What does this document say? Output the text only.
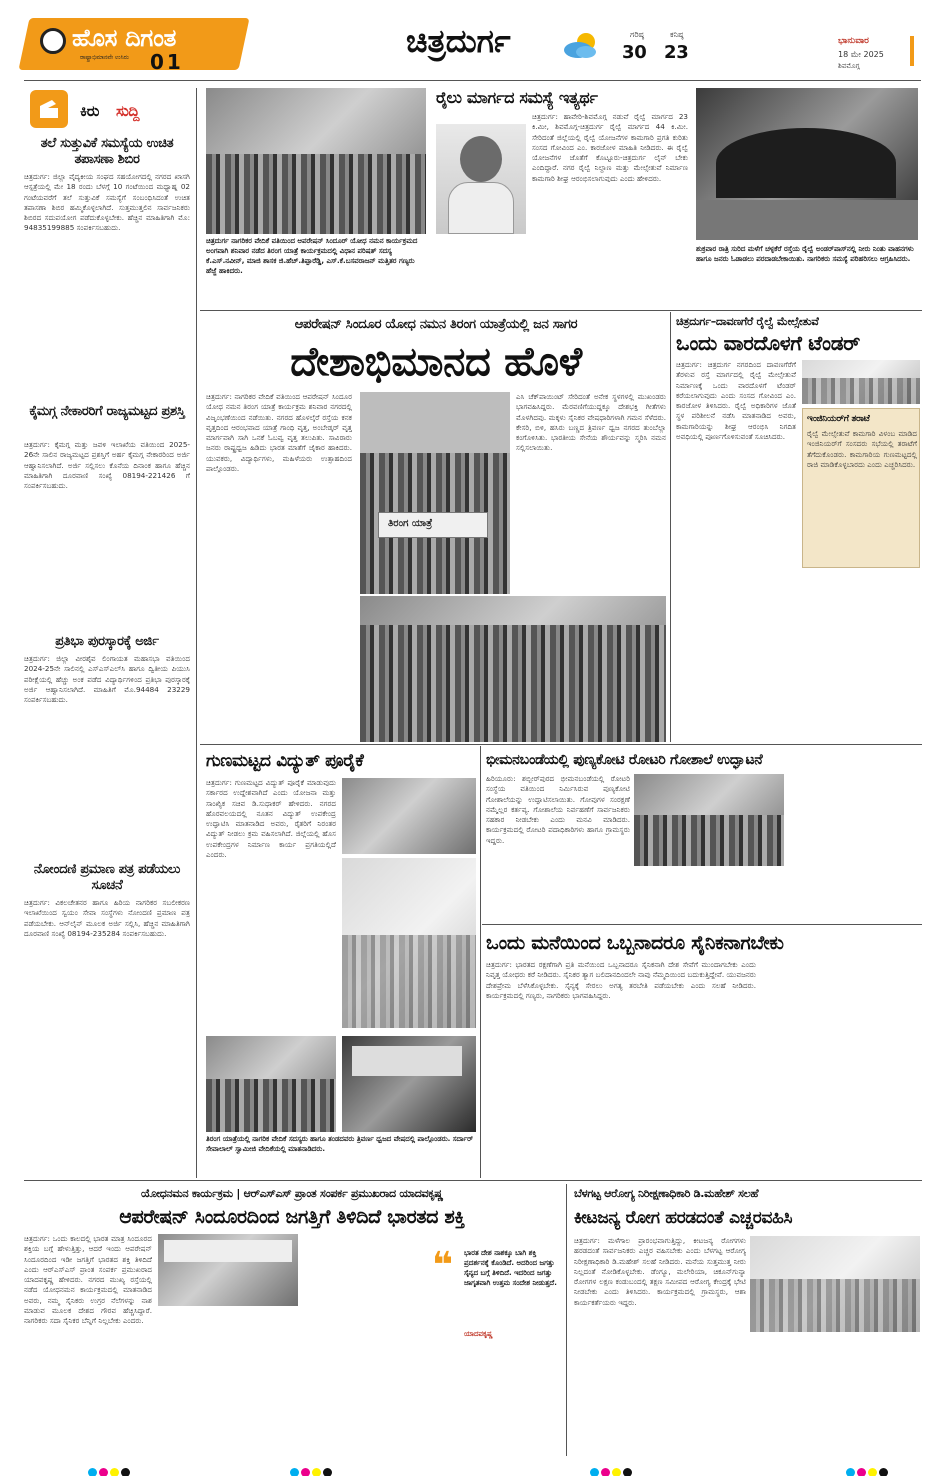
ಹೊಸ ದಿಗಂತ
ರಾಷ್ಟ್ರಾಭಿಮಾನವೇ ಉಸಿರು 01
ಚಿತ್ರದುರ್ಗ	ಗರಿಷ್ಠ
30
ಕನಿಷ್ಠ
23
ಭಾನುವಾರ
18 ಮೇ 2025
ಶಿವಮೊಗ್ಗ
ಕಿರು ಸುದ್ದಿ
ತಲೆ ಸುತ್ತುವಿಕೆ ಸಮಸ್ಯೆಯ ಉಚಿತ ತಪಾಸಣಾ ಶಿಬಿರ
ಚಿತ್ರದುರ್ಗ: ಜಿಲ್ಲಾ ವೈದ್ಯಕೀಯ ಸಂಘದ ಸಹಯೋಗದಲ್ಲಿ ನಗರದ ಖಾಸಗಿ ಆಸ್ಪತ್ರೆಯಲ್ಲಿ ಮೇ 18 ರಂದು ಬೆಳಗ್ಗೆ 10 ಗಂಟೆಯಿಂದ ಮಧ್ಯಾಹ್ನ 02 ಗಂಟೆಯವರೆಗೆ ತಲೆ ಸುತ್ತುವಿಕೆ ಸಮಸ್ಯೆಗೆ ಸಂಬಂಧಿಸಿದಂತೆ ಉಚಿತ ತಪಾಸಣಾ ಶಿಬಿರ ಹಮ್ಮಿಕೊಳ್ಳಲಾಗಿದೆ. ಸುತ್ತಮುತ್ತಲಿನ ಸಾರ್ವಜನಿಕರು ಶಿಬಿರದ ಸದುಪಯೋಗ ಪಡೆದುಕೊಳ್ಳಬೇಕು. ಹೆಚ್ಚಿನ ಮಾಹಿತಿಗಾಗಿ ಮೊ: 94835199885 ಸಂಪರ್ಕಿಸಬಹುದು.
ಕೈಮಗ್ಗ ನೇಕಾರರಿಗೆ ರಾಜ್ಯಮಟ್ಟದ ಪ್ರಶಸ್ತಿ
ಚಿತ್ರದುರ್ಗ: ಕೈಮಗ್ಗ ಮತ್ತು ಜವಳಿ ಇಲಾಖೆಯ ವತಿಯಿಂದ 2025-26ನೇ ಸಾಲಿನ ರಾಜ್ಯಮಟ್ಟದ ಪ್ರಶಸ್ತಿಗೆ ಅರ್ಹ ಕೈಮಗ್ಗ ನೇಕಾರರಿಂದ ಅರ್ಜಿ ಆಹ್ವಾನಿಸಲಾಗಿದೆ. ಅರ್ಜಿ ಸಲ್ಲಿಸಲು ಕೊನೆಯ ದಿನಾಂಕ ಹಾಗೂ ಹೆಚ್ಚಿನ ಮಾಹಿತಿಗಾಗಿ ದೂರವಾಣಿ ಸಂಖ್ಯೆ 08194-221426 ಗೆ ಸಂಪರ್ಕಿಸಬಹುದು.
ಪ್ರತಿಭಾ ಪುರಸ್ಕಾರಕ್ಕೆ ಅರ್ಜಿ
ಚಿತ್ರದುರ್ಗ: ಜಿಲ್ಲಾ ವೀರಶೈವ ಲಿಂಗಾಯತ ಮಹಾಸಭಾ ವತಿಯಿಂದ 2024-25ನೇ ಸಾಲಿನಲ್ಲಿ ಎಸ್ಎಸ್ಎಲ್‌ಸಿ ಹಾಗೂ ದ್ವಿತೀಯ ಪಿಯುಸಿ ಪರೀಕ್ಷೆಯಲ್ಲಿ ಹೆಚ್ಚು ಅಂಕ ಪಡೆದ ವಿದ್ಯಾರ್ಥಿಗಳಿಂದ ಪ್ರತಿಭಾ ಪುರಸ್ಕಾರಕ್ಕೆ ಅರ್ಜಿ ಆಹ್ವಾನಿಸಲಾಗಿದೆ. ಮಾಹಿತಿಗೆ ಮೊ.94484 23229 ಸಂಪರ್ಕಿಸಬಹುದು.
ನೋಂದಣಿ ಪ್ರಮಾಣ ಪತ್ರ ಪಡೆಯಲು ಸೂಚನೆ
ಚಿತ್ರದುರ್ಗ: ವಿಕಲಚೇತನರ ಹಾಗೂ ಹಿರಿಯ ನಾಗರಿಕರ ಸಬಲೀಕರಣ ಇಲಾಖೆಯಿಂದ ಸ್ವಯಂ ಸೇವಾ ಸಂಸ್ಥೆಗಳು ನೋಂದಣಿ ಪ್ರಮಾಣ ಪತ್ರ ಪಡೆಯಬೇಕು. ಆನ್‌ಲೈನ್ ಮೂಲಕ ಅರ್ಜಿ ಸಲ್ಲಿಸಿ, ಹೆಚ್ಚಿನ ಮಾಹಿತಿಗಾಗಿ ದೂರವಾಣಿ ಸಂಖ್ಯೆ 08194-235284 ಸಂಪರ್ಕಿಸಬಹುದು.
ಚಿತ್ರದುರ್ಗ ನಾಗರಿಕರ ವೇದಿಕೆ ವತಿಯಿಂದ ಆಪರೇಷನ್ ಸಿಂದೂರ್ ಯೋಧ ನಮನ ಕಾರ್ಯಕ್ರಮದ ಅಂಗವಾಗಿ ಶನಿವಾರ ನಡೆದ ತಿರಂಗ ಯಾತ್ರೆ ಕಾರ್ಯಕ್ರಮದಲ್ಲಿ ವಿಧಾನ ಪರಿಷತ್ ಸದಸ್ಯ ಕೆ.ಎಸ್.ನವೀನ್, ಮಾಜಿ ಶಾಸಕ ಜಿ.ಹೆಚ್.ತಿಪ್ಪಾರೆಡ್ಡಿ, ಎಸ್.ಕೆ.ಬಸವರಾಜನ್ ಮತ್ತಿತರ ಗಣ್ಯರು ಹೆಜ್ಜೆ ಹಾಕಿದರು.
ರೈಲು ಮಾರ್ಗದ ಸಮಸ್ಯೆ ಇತ್ಯರ್ಥ
ಚಿತ್ರದುರ್ಗ: ಹಾವೇರಿ-ಶಿವಮೊಗ್ಗ ನಡುವೆ ರೈಲ್ವೆ ಮಾರ್ಗದ 23 ಕಿ.ಮೀ, ಶಿವಮೊಗ್ಗ-ಚಿತ್ರದುರ್ಗ ರೈಲ್ವೆ ಮಾರ್ಗದ 44 ಕಿ.ಮೀ. ಸೇರಿದಂತೆ ಜಿಲ್ಲೆಯಲ್ಲಿ ರೈಲ್ವೆ ಯೋಜನೆಗಳ ಕಾಮಗಾರಿ ಪ್ರಗತಿ ಕುರಿತು ಸಂಸದ ಗೋವಿಂದ ಎಂ. ಕಾರಜೋಳ ಮಾಹಿತಿ ನೀಡಿದರು. ಈ ರೈಲ್ವೆ ಯೋಜನೆಗಳ ಜೊತೆಗೆ ಕೊಟ್ಟೂರು-ಚಿತ್ರದುರ್ಗ ಲೈನ್ ಬೇಕು ಎಂದಿದ್ದಾರೆ. ನಗರ ರೈಲ್ವೆ ನಿಲ್ದಾಣ ಮತ್ತು ಮೇಲ್ಸೇತುವೆ ನಿರ್ಮಾಣ ಕಾಮಗಾರಿ ಶೀಘ್ರ ಆರಂಭಿಸಲಾಗುವುದು ಎಂದು ಹೇಳಿದರು.
ಶುಕ್ರವಾರ ರಾತ್ರಿ ಸುರಿದ ಮಳೆಗೆ ಚಳ್ಳಕೆರೆ ರಸ್ತೆಯ ರೈಲ್ವೆ ಅಂಡರ್‌ಪಾಸ್‌ನಲ್ಲಿ ನೀರು ನಿಂತು ವಾಹನಗಳು ಹಾಗೂ ಜನರು ಓಡಾಡಲು ಪರದಾಡಬೇಕಾಯಿತು. ನಾಗರಿಕರು ಸಮಸ್ಯೆ ಪರಿಹರಿಸಲು ಆಗ್ರಹಿಸಿದರು.
ಆಪರೇಷನ್ ಸಿಂದೂರ ಯೋಧ ನಮನ ತಿರಂಗ ಯಾತ್ರೆಯಲ್ಲಿ ಜನ ಸಾಗರ
ದೇಶಾಭಿಮಾನದ ಹೊಳೆ
ಚಿತ್ರದುರ್ಗ: ನಾಗರಿಕರ ವೇದಿಕೆ ವತಿಯಿಂದ ಆಪರೇಷನ್ ಸಿಂದೂರ ಯೋಧ ನಮನ ತಿರಂಗ ಯಾತ್ರೆ ಕಾರ್ಯಕ್ರಮ ಶನಿವಾರ ನಗರದಲ್ಲಿ ವಿಜೃಂಭಣೆಯಿಂದ ನಡೆಯಿತು. ನಗರದ ಹೊಳಲ್ಕೆರೆ ರಸ್ತೆಯ ಕನಕ ವೃತ್ತದಿಂದ ಆರಂಭವಾದ ಯಾತ್ರೆ ಗಾಂಧಿ ವೃತ್ತ, ಅಂಬೇಡ್ಕರ್ ವೃತ್ತ ಮಾರ್ಗವಾಗಿ ಸಾಗಿ ಒನಕೆ ಓಬವ್ವ ವೃತ್ತ ತಲುಪಿತು. ಸಾವಿರಾರು ಜನರು ರಾಷ್ಟ್ರಧ್ವಜ ಹಿಡಿದು ಭಾರತ ಮಾತೆಗೆ ಜೈಕಾರ ಹಾಕಿದರು. ಯುವಕರು, ವಿದ್ಯಾರ್ಥಿಗಳು, ಮಹಿಳೆಯರು ಉತ್ಸಾಹದಿಂದ ಪಾಲ್ಗೊಂಡರು.
ತಿರಂಗ ಯಾತ್ರೆ
ಎಸಿ ಚೆಕ್‌ಪಾಯಿಂಟ್ ಸೇರಿದಂತೆ ಅನೇಕ ಸ್ಥಳಗಳಲ್ಲಿ ಮುಖಂಡರು ಭಾಗವಹಿಸಿದ್ದರು. ಮೆರವಣಿಗೆಯುದ್ದಕ್ಕೂ ದೇಶಭಕ್ತಿ ಗೀತೆಗಳು ಮೊಳಗಿದವು. ಮಕ್ಕಳು ಸೈನಿಕರ ವೇಷಧಾರಿಗಳಾಗಿ ಗಮನ ಸೆಳೆದರು. ಕೇಸರಿ, ಬಿಳಿ, ಹಸಿರು ಬಣ್ಣದ ತ್ರಿವರ್ಣ ಧ್ವಜ ನಗರದ ತುಂಬೆಲ್ಲಾ ಕಂಗೊಳಿಸಿತು. ಭಾರತೀಯ ಸೇನೆಯ ಶೌರ್ಯವನ್ನು ಸ್ಮರಿಸಿ ನಮನ ಸಲ್ಲಿಸಲಾಯಿತು.
ಚಿತ್ರದುರ್ಗ–ದಾವಣಗೆರೆ ರೈಲ್ವೆ ಮೇಲ್ಸೇತುವೆ
ಒಂದು ವಾರದೊಳಗೆ ಟೆಂಡರ್
ಚಿತ್ರದುರ್ಗ: ಚಿತ್ರದುರ್ಗ ನಗರದಿಂದ ದಾವಣಗೆರೆಗೆ ತೆರಳುವ ರಸ್ತೆ ಮಾರ್ಗದಲ್ಲಿ ರೈಲ್ವೆ ಮೇಲ್ಸೇತುವೆ ನಿರ್ಮಾಣಕ್ಕೆ ಒಂದು ವಾರದೊಳಗೆ ಟೆಂಡರ್ ಕರೆಯಲಾಗುವುದು ಎಂದು ಸಂಸದ ಗೋವಿಂದ ಎಂ. ಕಾರಜೋಳ ತಿಳಿಸಿದರು. ರೈಲ್ವೆ ಅಧಿಕಾರಿಗಳ ಜೊತೆ ಸ್ಥಳ ಪರಿಶೀಲನೆ ನಡೆಸಿ ಮಾತನಾಡಿದ ಅವರು, ಕಾಮಗಾರಿಯನ್ನು ಶೀಘ್ರ ಆರಂಭಿಸಿ ನಿಗದಿತ ಅವಧಿಯಲ್ಲಿ ಪೂರ್ಣಗೊಳಿಸುವಂತೆ ಸೂಚಿಸಿದರು.
ಇಂಜಿನಿಯರ್‌ಗೆ ತರಾಟೆ
ರೈಲ್ವೆ ಮೇಲ್ಸೇತುವೆ ಕಾಮಗಾರಿ ವಿಳಂಬ ಮಾಡಿದ ಇಂಜಿನಿಯರ್‌ಗೆ ಸಂಸದರು ಸಭೆಯಲ್ಲಿ ತರಾಟೆಗೆ ತೆಗೆದುಕೊಂಡರು. ಕಾಮಗಾರಿಯ ಗುಣಮಟ್ಟದಲ್ಲಿ ರಾಜಿ ಮಾಡಿಕೊಳ್ಳಬಾರದು ಎಂದು ಎಚ್ಚರಿಸಿದರು.
ಗುಣಮಟ್ಟದ ವಿದ್ಯುತ್ ಪೂರೈಕೆ
ಚಿತ್ರದುರ್ಗ: ಗುಣಮಟ್ಟದ ವಿದ್ಯುತ್ ಪೂರೈಕೆ ಮಾಡುವುದು ಸರ್ಕಾರದ ಉದ್ದೇಶವಾಗಿದೆ ಎಂದು ಯೋಜನಾ ಮತ್ತು ಸಾಂಖ್ಯಿಕ ಸಚಿವ ಡಿ.ಸುಧಾಕರ್ ಹೇಳಿದರು. ನಗರದ ಹೊರವಲಯದಲ್ಲಿ ನೂತನ ವಿದ್ಯುತ್ ಉಪಕೇಂದ್ರ ಉದ್ಘಾಟಿಸಿ ಮಾತನಾಡಿದ ಅವರು, ರೈತರಿಗೆ ನಿರಂತರ ವಿದ್ಯುತ್ ನೀಡಲು ಕ್ರಮ ವಹಿಸಲಾಗಿದೆ. ಜಿಲ್ಲೆಯಲ್ಲಿ ಹೊಸ ಉಪಕೇಂದ್ರಗಳ ನಿರ್ಮಾಣ ಕಾರ್ಯ ಪ್ರಗತಿಯಲ್ಲಿದೆ ಎಂದರು.
ಭೀಮನಬಂಡೆಯಲ್ಲಿ ಪುಣ್ಯಕೋಟಿ ರೋಟರಿ ಗೋಶಾಲೆ ಉದ್ಘಾಟನೆ
ಹಿರಿಯೂರು: ಶಬ್ಬೀರ್‌ಪುರದ ಭೀಮನಬಂಡೆಯಲ್ಲಿ ರೋಟರಿ ಸಂಸ್ಥೆಯ ವತಿಯಿಂದ ನಿರ್ಮಿಸಿರುವ ಪುಣ್ಯಕೋಟಿ ಗೋಶಾಲೆಯನ್ನು ಉದ್ಘಾಟಿಸಲಾಯಿತು. ಗೋವುಗಳ ಸಂರಕ್ಷಣೆ ನಮ್ಮೆಲ್ಲರ ಕರ್ತವ್ಯ. ಗೋಶಾಲೆಯ ನಿರ್ವಹಣೆಗೆ ಸಾರ್ವಜನಿಕರು ಸಹಕಾರ ನೀಡಬೇಕು ಎಂದು ಮನವಿ ಮಾಡಿದರು. ಕಾರ್ಯಕ್ರಮದಲ್ಲಿ ರೋಟರಿ ಪದಾಧಿಕಾರಿಗಳು ಹಾಗೂ ಗ್ರಾಮಸ್ಥರು ಇದ್ದರು.
ಒಂದು ಮನೆಯಿಂದ ಒಬ್ಬನಾದರೂ ಸೈನಿಕನಾಗಬೇಕು
ಚಿತ್ರದುರ್ಗ: ಭಾರತದ ರಕ್ಷಣೆಗಾಗಿ ಪ್ರತಿ ಮನೆಯಿಂದ ಒಬ್ಬನಾದರೂ ಸೈನಿಕನಾಗಿ ದೇಶ ಸೇವೆಗೆ ಮುಂದಾಗಬೇಕು ಎಂದು ನಿವೃತ್ತ ಯೋಧರು ಕರೆ ನೀಡಿದರು. ಸೈನಿಕರ ತ್ಯಾಗ ಬಲಿದಾನದಿಂದಲೇ ನಾವು ನೆಮ್ಮದಿಯಿಂದ ಬದುಕುತ್ತಿದ್ದೇವೆ. ಯುವಜನರು ದೇಶಪ್ರೇಮ ಬೆಳೆಸಿಕೊಳ್ಳಬೇಕು. ಸೈನ್ಯಕ್ಕೆ ಸೇರಲು ಅಗತ್ಯ ತರಬೇತಿ ಪಡೆಯಬೇಕು ಎಂದು ಸಲಹೆ ನೀಡಿದರು. ಕಾರ್ಯಕ್ರಮದಲ್ಲಿ ಗಣ್ಯರು, ನಾಗರಿಕರು ಭಾಗವಹಿಸಿದ್ದರು.
ತಿರಂಗ ಯಾತ್ರೆಯಲ್ಲಿ ನಾಗರಿಕ ವೇದಿಕೆ ಸದಸ್ಯರು ಹಾಗೂ ತಂಡದವರು ತ್ರಿವರ್ಣ ಧ್ವಜದ ವೇಷದಲ್ಲಿ ಪಾಲ್ಗೊಂಡರು. ಸರ್ದಾರ್ ಸೇವಾಲಾಲ್ ಸ್ವಾಮೀಜಿ ವೇದಿಕೆಯಲ್ಲಿ ಮಾತನಾಡಿದರು.
ಯೋಧನಮನ ಕಾರ್ಯಕ್ರಮ | ಆರ್‌ಎಸ್‌ಎಸ್ ಪ್ರಾಂತ ಸಂಪರ್ಕ ಪ್ರಮುಖರಾದ ಯಾದವಕೃಷ್ಣ
ಆಪರೇಷನ್ ಸಿಂದೂರದಿಂದ ಜಗತ್ತಿಗೆ ತಿಳಿದಿದೆ ಭಾರತದ ಶಕ್ತಿ
ಚಿತ್ರದುರ್ಗ: ಒಂದು ಕಾಲದಲ್ಲಿ ಭಾರತ ಮಾತ್ರ ಸಿಂದೂರದ ಶಕ್ತಿಯ ಬಗ್ಗೆ ಹೇಳುತ್ತಿತ್ತು, ಆದರೆ ಇಂದು ಆಪರೇಷನ್ ಸಿಂದೂರದಿಂದ ಇಡೀ ಜಗತ್ತಿಗೆ ಭಾರತದ ಶಕ್ತಿ ತಿಳಿದಿದೆ ಎಂದು ಆರ್‌ಎಸ್‌ಎಸ್ ಪ್ರಾಂತ ಸಂಪರ್ಕ ಪ್ರಮುಖರಾದ ಯಾದವಕೃಷ್ಣ ಹೇಳಿದರು. ನಗರದ ಮುಖ್ಯ ರಸ್ತೆಯಲ್ಲಿ ನಡೆದ ಯೋಧನಮನ ಕಾರ್ಯಕ್ರಮದಲ್ಲಿ ಮಾತನಾಡಿದ ಅವರು, ನಮ್ಮ ಸೈನಿಕರು ಉಗ್ರರ ನೆಲೆಗಳನ್ನು ನಾಶ ಮಾಡುವ ಮೂಲಕ ದೇಶದ ಗೌರವ ಹೆಚ್ಚಿಸಿದ್ದಾರೆ. ನಾಗರಿಕರು ಸದಾ ಸೈನಿಕರ ಬೆನ್ನಿಗೆ ನಿಲ್ಲಬೇಕು ಎಂದರು.
❝	ಭಾರತ ದೇಶ ನಾಶಕ್ಕೂ ಬಾಗಿ ಶಕ್ತಿ ಪ್ರದರ್ಶನಕ್ಕೆ ಕೊಂಡಿದೆ. ಅದರಿಂದ ಜಗತ್ತು ಸೈನ್ಯದ ಬಗ್ಗೆ ತಿಳಿದಿದೆ. ಇದರಿಂದ ಜಗತ್ತು ಜಾಗೃತವಾಗಿ ಉತ್ತಮ ಸಂದೇಶ ನೀಡುತ್ತದೆ.
ಯಾದವಕೃಷ್ಣ
ಬೆಳಗಟ್ಟ ಆರೋಗ್ಯ ನಿರೀಕ್ಷಣಾಧಿಕಾರಿ ಡಿ.ಮಹೇಶ್ ಸಲಹೆ
ಕೀಟಜನ್ಯ ರೋಗ ಹರಡದಂತೆ ಎಚ್ಚರವಹಿಸಿ
ಚಿತ್ರದುರ್ಗ: ಮಳೆಗಾಲ ಪ್ರಾರಂಭವಾಗುತ್ತಿದ್ದು, ಕೀಟಜನ್ಯ ರೋಗಗಳು ಹರಡದಂತೆ ಸಾರ್ವಜನಿಕರು ಎಚ್ಚರ ವಹಿಸಬೇಕು ಎಂದು ಬೆಳಗಟ್ಟ ಆರೋಗ್ಯ ನಿರೀಕ್ಷಣಾಧಿಕಾರಿ ಡಿ.ಮಹೇಶ್ ಸಲಹೆ ನೀಡಿದರು. ಮನೆಯ ಸುತ್ತಮುತ್ತ ನೀರು ನಿಲ್ಲದಂತೆ ನೋಡಿಕೊಳ್ಳಬೇಕು. ಡೆಂಗ್ಯೂ, ಮಲೇರಿಯಾ, ಚಿಕೂನ್‌ಗುನ್ಯಾ ರೋಗಗಳ ಲಕ್ಷಣ ಕಂಡುಬಂದಲ್ಲಿ ತಕ್ಷಣ ಸಮೀಪದ ಆರೋಗ್ಯ ಕೇಂದ್ರಕ್ಕೆ ಭೇಟಿ ನೀಡಬೇಕು ಎಂದು ತಿಳಿಸಿದರು. ಕಾರ್ಯಕ್ರಮದಲ್ಲಿ ಗ್ರಾಮಸ್ಥರು, ಆಶಾ ಕಾರ್ಯಕರ್ತೆಯರು ಇದ್ದರು.
